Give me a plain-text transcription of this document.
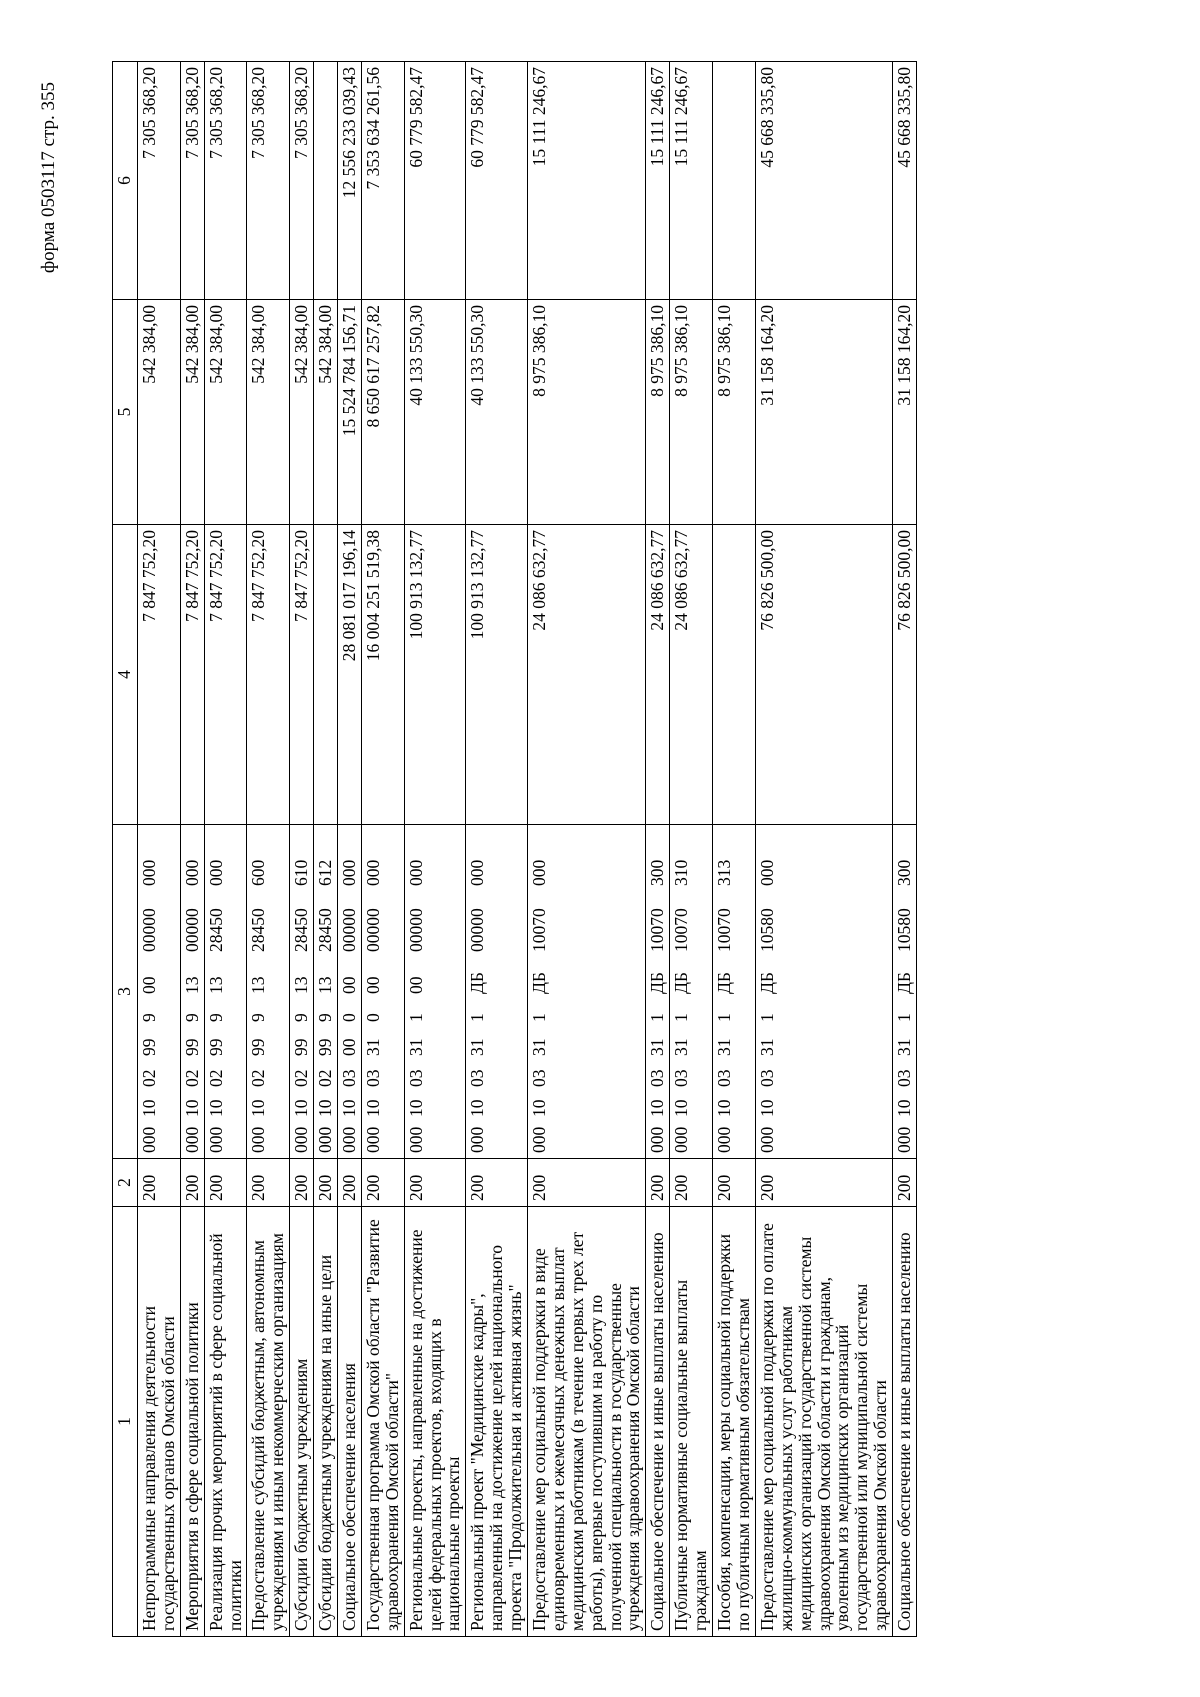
форма 0503117 стр. 355
1	2	3	4	5	6
Непрограммные направления деятельности государственных органов Омской области	200	00010029990000000000	7 847 752,20	542 384,00	7 305 368,20
Мероприятия в сфере социальной политики	200	00010029991300000000	7 847 752,20	542 384,00	7 305 368,20
Реализация прочих мероприятий в сфере социальной политики	200	00010029991328450000	7 847 752,20	542 384,00	7 305 368,20
Предоставление субсидий бюджетным, автономным учреждениям и иным некоммерческим организациям	200	00010029991328450600	7 847 752,20	542 384,00	7 305 368,20
Субсидии бюджетным учреждениям	200	00010029991328450610	7 847 752,20	542 384,00	7 305 368,20
Субсидии бюджетным учреждениям на иные цели	200	00010029991328450612		542 384,00	
Социальное обеспечение населения	200	00010030000000000000	28 081 017 196,14	15 524 784 156,71	12 556 233 039,43
Государственная программа Омской области "Развитие здравоохранения Омской области"	200	00010033100000000000	16 004 251 519,38	8 650 617 257,82	7 353 634 261,56
Региональные проекты, направленные на достижение целей федеральных проектов, входящих в национальные проекты	200	00010033110000000000	100 913 132,77	40 133 550,30	60 779 582,47
Региональный проект "Медицинские кадры", направленный на достижение целей национального проекта "Продолжительная и активная жизнь"	200	0001003311ДБ00000000	100 913 132,77	40 133 550,30	60 779 582,47
Предоставление мер социальной поддержки в виде единовременных и ежемесячных денежных выплат медицинским работникам (в течение первых трех лет работы), впервые поступившим на работу по полученной специальности в государственные учреждения здравоохранения Омской области	200	0001003311ДБ10070000	24 086 632,77	8 975 386,10	15 111 246,67
Социальное обеспечение и иные выплаты населению	200	0001003311ДБ10070300	24 086 632,77	8 975 386,10	15 111 246,67
Публичные нормативные социальные выплаты гражданам	200	0001003311ДБ10070310	24 086 632,77	8 975 386,10	15 111 246,67
Пособия, компенсации, меры социальной поддержки по публичным нормативным обязательствам	200	0001003311ДБ10070313		8 975 386,10	
Предоставление мер социальной поддержки по оплате жилищно-коммунальных услуг работникам медицинских организаций государственной системы здравоохранения Омской области и гражданам, уволенным из медицинских организаций государственной или муниципальной системы здравоохранения Омской области	200	0001003311ДБ10580000	76 826 500,00	31 158 164,20	45 668 335,80
Социальное обеспечение и иные выплаты населению	200	0001003311ДБ10580300	76 826 500,00	31 158 164,20	45 668 335,80
